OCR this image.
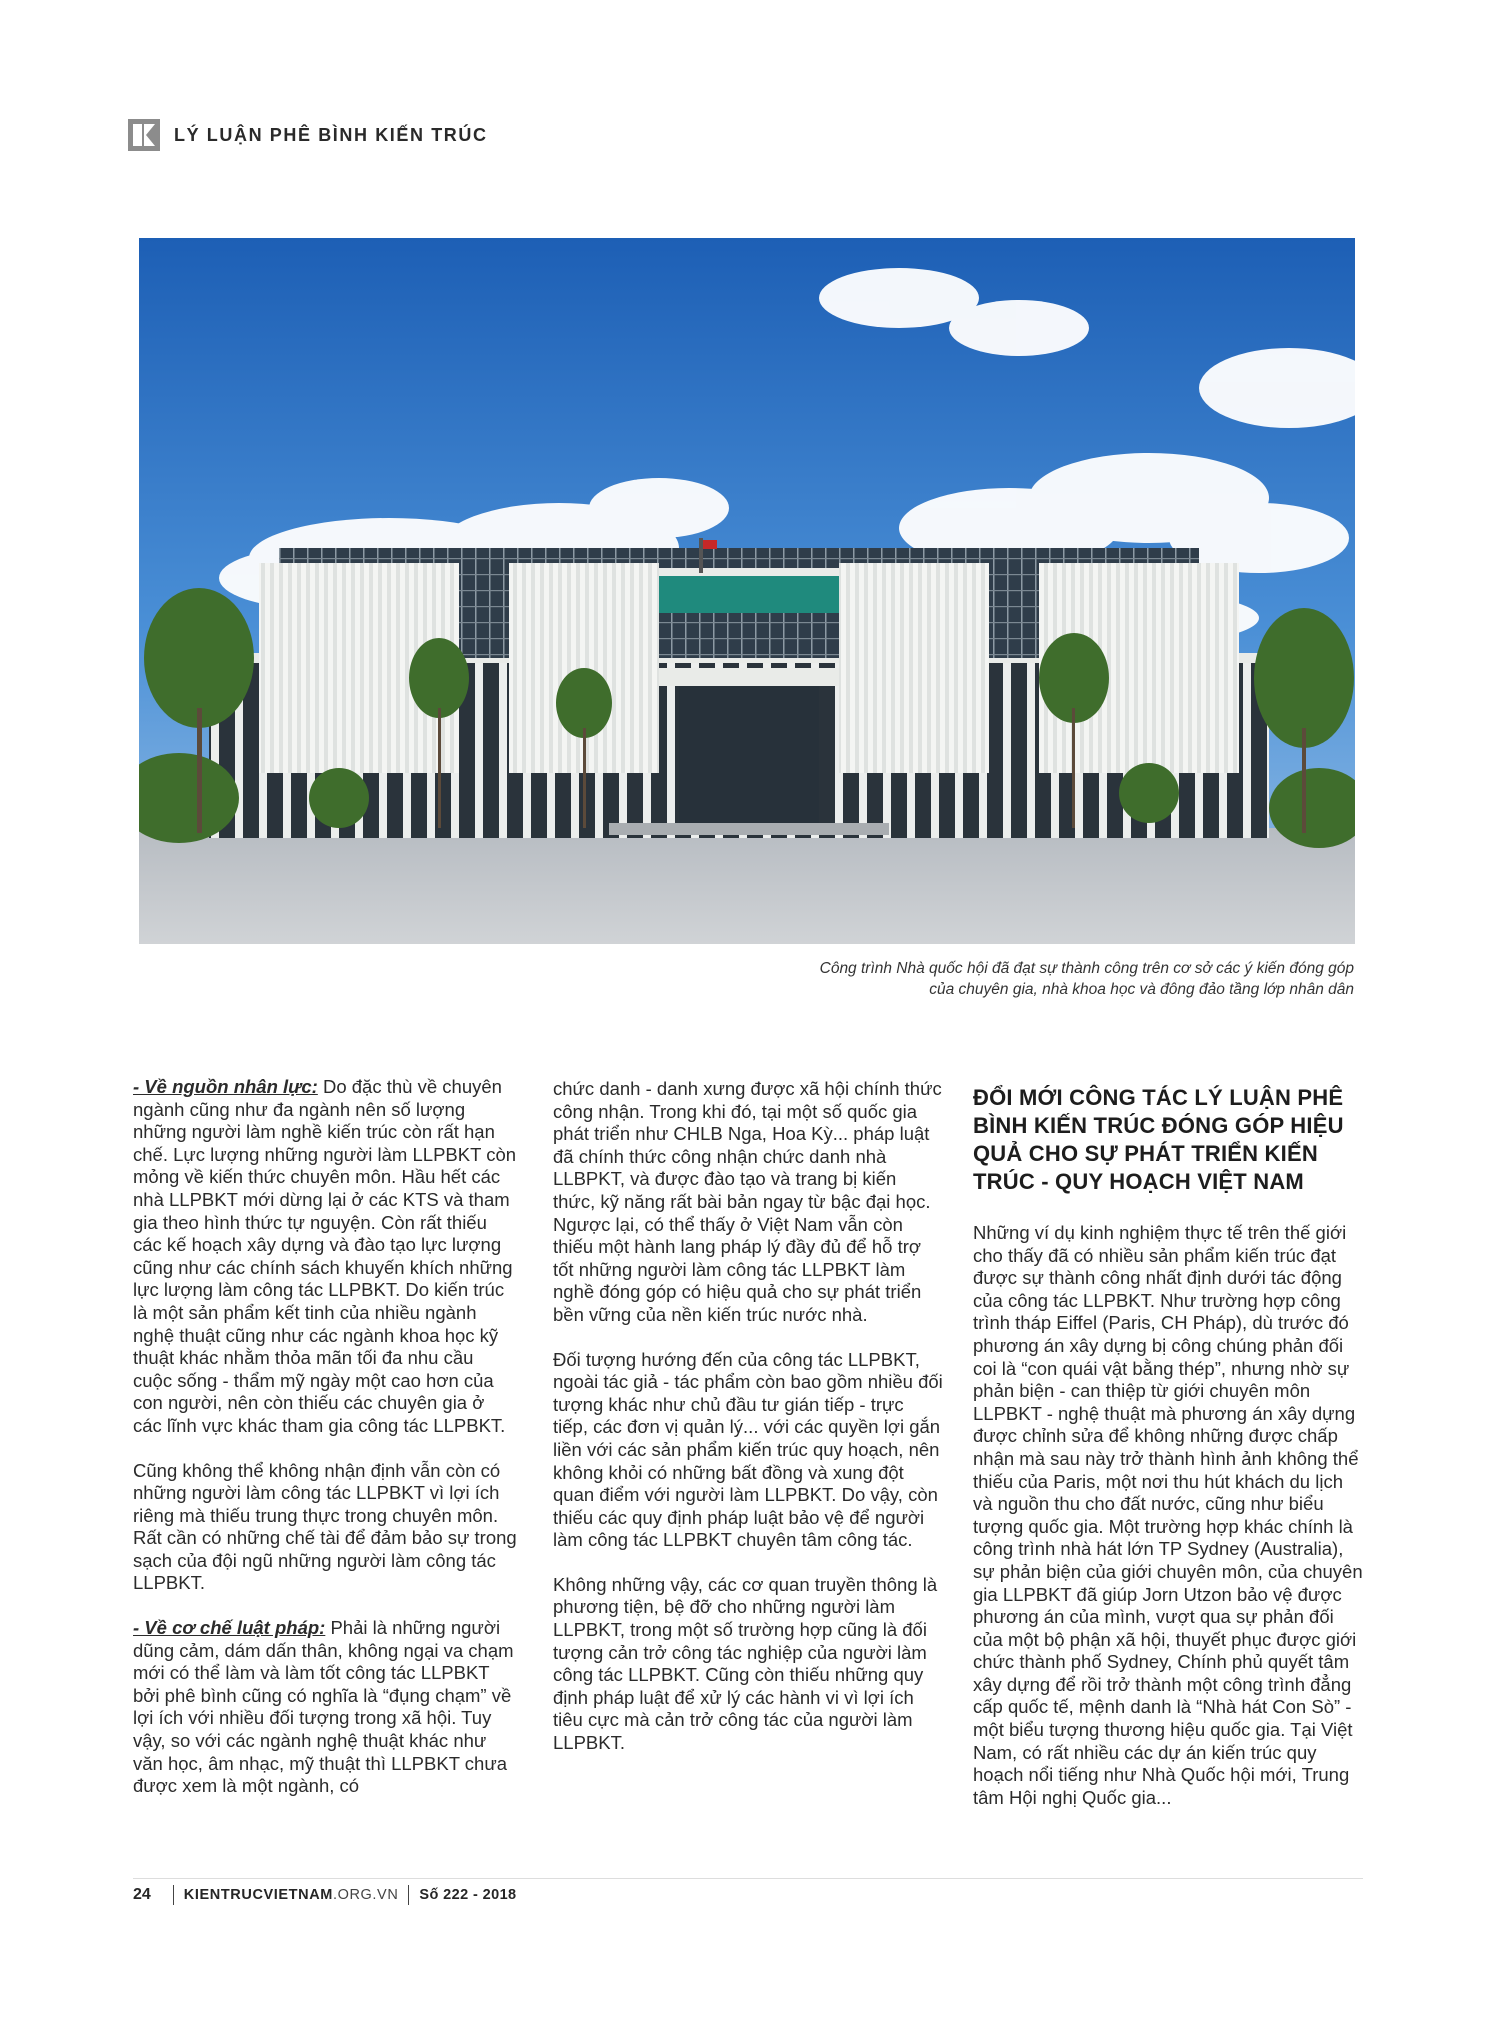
LÝ LUẬN PHÊ BÌNH KIẾN TRÚC
Công trình Nhà quốc hội đã đạt sự thành công trên cơ sở các ý kiến đóng góp
của chuyên gia, nhà khoa học và đông đảo tầng lớp nhân dân

- Về nguồn nhân lực: Do đặc thù về chuyên ngành cũng như đa ngành nên số lượng những người làm nghề kiến trúc còn rất hạn chế. Lực lượng những người làm LLPBKT còn mỏng về kiến thức chuyên môn. Hầu hết các nhà LLPBKT mới dừng lại ở các KTS và tham gia theo hình thức tự nguyện. Còn rất thiếu các kế hoạch xây dựng và đào tạo lực lượng cũng như các chính sách khuyến khích những lực lượng làm công tác LLPBKT. Do kiến trúc là một sản phẩm kết tinh của nhiều ngành nghệ thuật cũng như các ngành khoa học kỹ thuật khác nhằm thỏa mãn tối đa nhu cầu cuộc sống - thẩm mỹ ngày một cao hơn của con người, nên còn thiếu các chuyên gia ở các lĩnh vực khác tham gia công tác LLPBKT.

Cũng không thể không nhận định vẫn còn có những người làm công tác LLPBKT vì lợi ích riêng mà thiếu trung thực trong chuyên môn. Rất cần có những chế tài để đảm bảo sự trong sạch của đội ngũ những người làm công tác LLPBKT.

- Về cơ chế luật pháp: Phải là những người dũng cảm, dám dấn thân, không ngại va chạm mới có thể làm và làm tốt công tác LLPBKT bởi phê bình cũng có nghĩa là “đụng chạm” về lợi ích với nhiều đối tượng trong xã hội. Tuy vậy, so với các ngành nghệ thuật khác như văn học, âm nhạc, mỹ thuật thì LLPBKT chưa được xem là một ngành, có

chức danh - danh xưng được xã hội chính thức công nhận. Trong khi đó, tại một số quốc gia phát triển như CHLB Nga, Hoa Kỳ... pháp luật đã chính thức công nhận chức danh nhà LLBPKT, và được đào tạo và trang bị kiến thức, kỹ năng rất bài bản ngay từ bậc đại học. Ngược lại, có thể thấy ở Việt Nam vẫn còn thiếu một hành lang pháp lý đầy đủ để hỗ trợ tốt những người làm công tác LLPBKT làm nghề đóng góp có hiệu quả cho sự phát triển bền vững của nền kiến trúc nước nhà.

Đối tượng hướng đến của công tác LLPBKT, ngoài tác giả - tác phẩm còn bao gồm nhiều đối tượng khác như chủ đầu tư gián tiếp - trực tiếp, các đơn vị quản lý... với các quyền lợi gắn liền với các sản phẩm kiến trúc quy hoạch, nên không khỏi có những bất đồng và xung đột quan điểm với người làm LLPBKT. Do vậy, còn thiếu các quy định pháp luật bảo vệ để người làm công tác LLPBKT chuyên tâm công tác.

Không những vậy, các cơ quan truyền thông là phương tiện, bệ đỡ cho những người làm LLPBKT, trong một số trường hợp cũng là đối tượng cản trở công tác nghiệp của người làm công tác LLPBKT. Cũng còn thiếu những quy định pháp luật để xử lý các hành vi vì lợi ích tiêu cực mà cản trở công tác của người làm LLPBKT.

ĐỔI MỚI CÔNG TÁC LÝ LUẬN PHÊ BÌNH KIẾN TRÚC ĐÓNG GÓP HIỆU QUẢ CHO SỰ PHÁT TRIỂN KIẾN TRÚC - QUY HOẠCH VIỆT NAM

Những ví dụ kinh nghiệm thực tế trên thế giới cho thấy đã có nhiều sản phẩm kiến trúc đạt được sự thành công nhất định dưới tác động của công tác LLPBKT. Như trường hợp công trình tháp Eiffel (Paris, CH Pháp), dù trước đó phương án xây dựng bị công chúng phản đối coi là “con quái vật bằng thép”, nhưng nhờ sự phản biện - can thiệp từ giới chuyên môn LLPBKT - nghệ thuật mà phương án xây dựng được chỉnh sửa để không những được chấp nhận mà sau này trở thành hình ảnh không thể thiếu của Paris, một nơi thu hút khách du lịch và nguồn thu cho đất nước, cũng như biểu tượng quốc gia. Một trường hợp khác chính là công trình nhà hát lớn TP Sydney (Australia), sự phản biện của giới chuyên môn, của chuyên gia LLPBKT đã giúp Jorn Utzon bảo vệ được phương án của mình, vượt qua sự phản đối của một bộ phận xã hội, thuyết phục được giới chức thành phố Sydney, Chính phủ quyết tâm xây dựng để rồi trở thành một công trình đẳng cấp quốc tế, mệnh danh là “Nhà hát Con Sò” - một biểu tượng thương hiệu quốc gia. Tại Việt Nam, có rất nhiều các dự án kiến trúc quy hoạch nổi tiếng như Nhà Quốc hội mới, Trung tâm Hội nghị Quốc gia...

24 KIENTRUCVIETNAM .ORG.VN Số 222 - 2018
